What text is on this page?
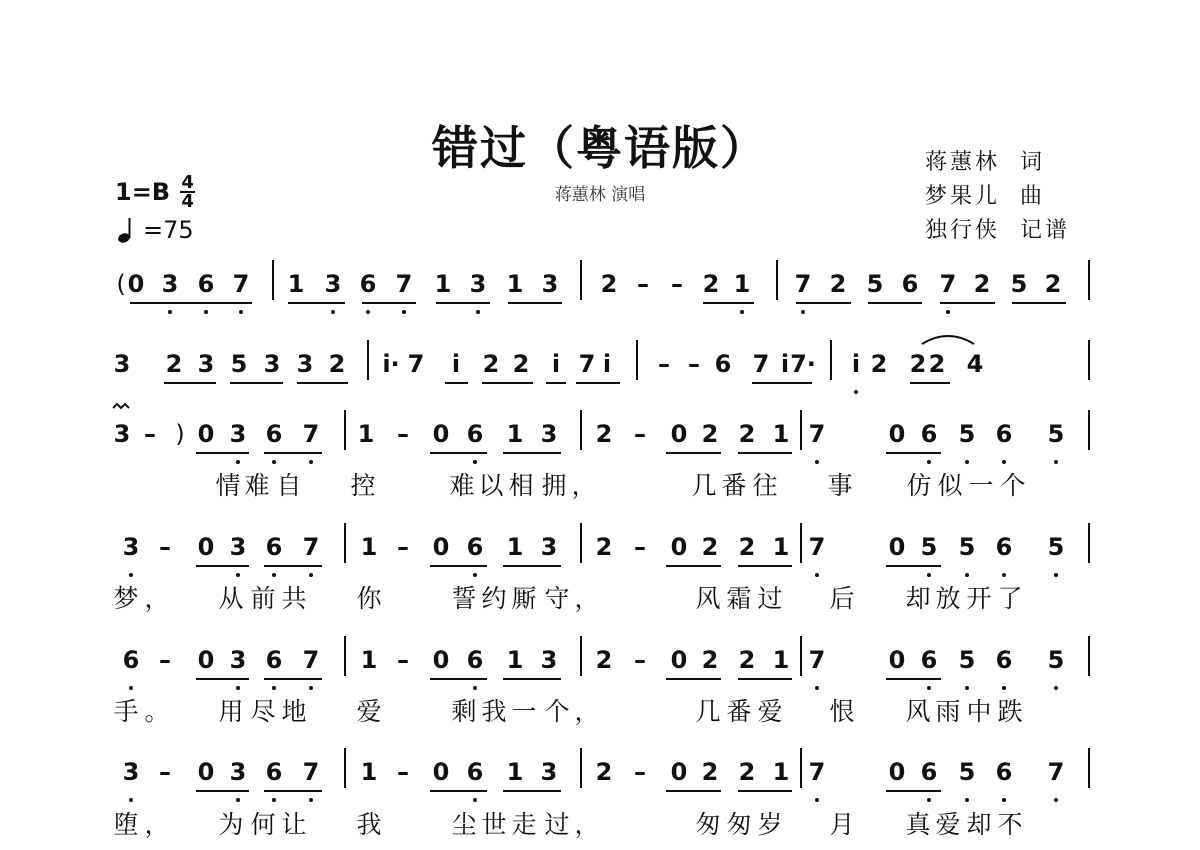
错过（粤语版）
蒋蕙林 演唱
蒋蕙林  词
梦果儿  曲
独行侠  记谱
1=B 4
4
=75
( 0 3 6 7 1 3 6 7 1 3 1 3 2 – – 2 1 7 2 5 6 7 2 5 2
3 2 3 5 3 3 2 i· 7 i 2 2 i 7 i – – 6 7 i 7· i 2 2 2 4
3 – ) 0 3 6 7 1 – 0 6 1 3 2 – 0 2 2 1 7	0 6 5 6 5
情 难 自 控	难 以 相 拥 ，	几 番 往 事 仿 似 一 个
3 – 0 3 6 7 1 – 0 6 1 3 2 – 0 2 2 1 7	0 5 5 6 5
梦 ， 从 前 共 你	誓 约 厮 守 ，	风 霜 过 后 却 放 开 了
6 – 0 3 6 7 1 – 0 6 1 3 2 – 0 2 2 1 7	0 6 5 6 5
手 。 用 尽 地 爱	剩 我 一 个 ，	几 番 爱 恨 风 雨 中 跌
3 – 0 3 6 7 1 – 0 6 1 3 2 – 0 2 2 1 7	0 6 5 6 7
堕 ， 为 何 让 我	尘 世 走 过 ，	匆 匆 岁 月 真 爱 却 不
